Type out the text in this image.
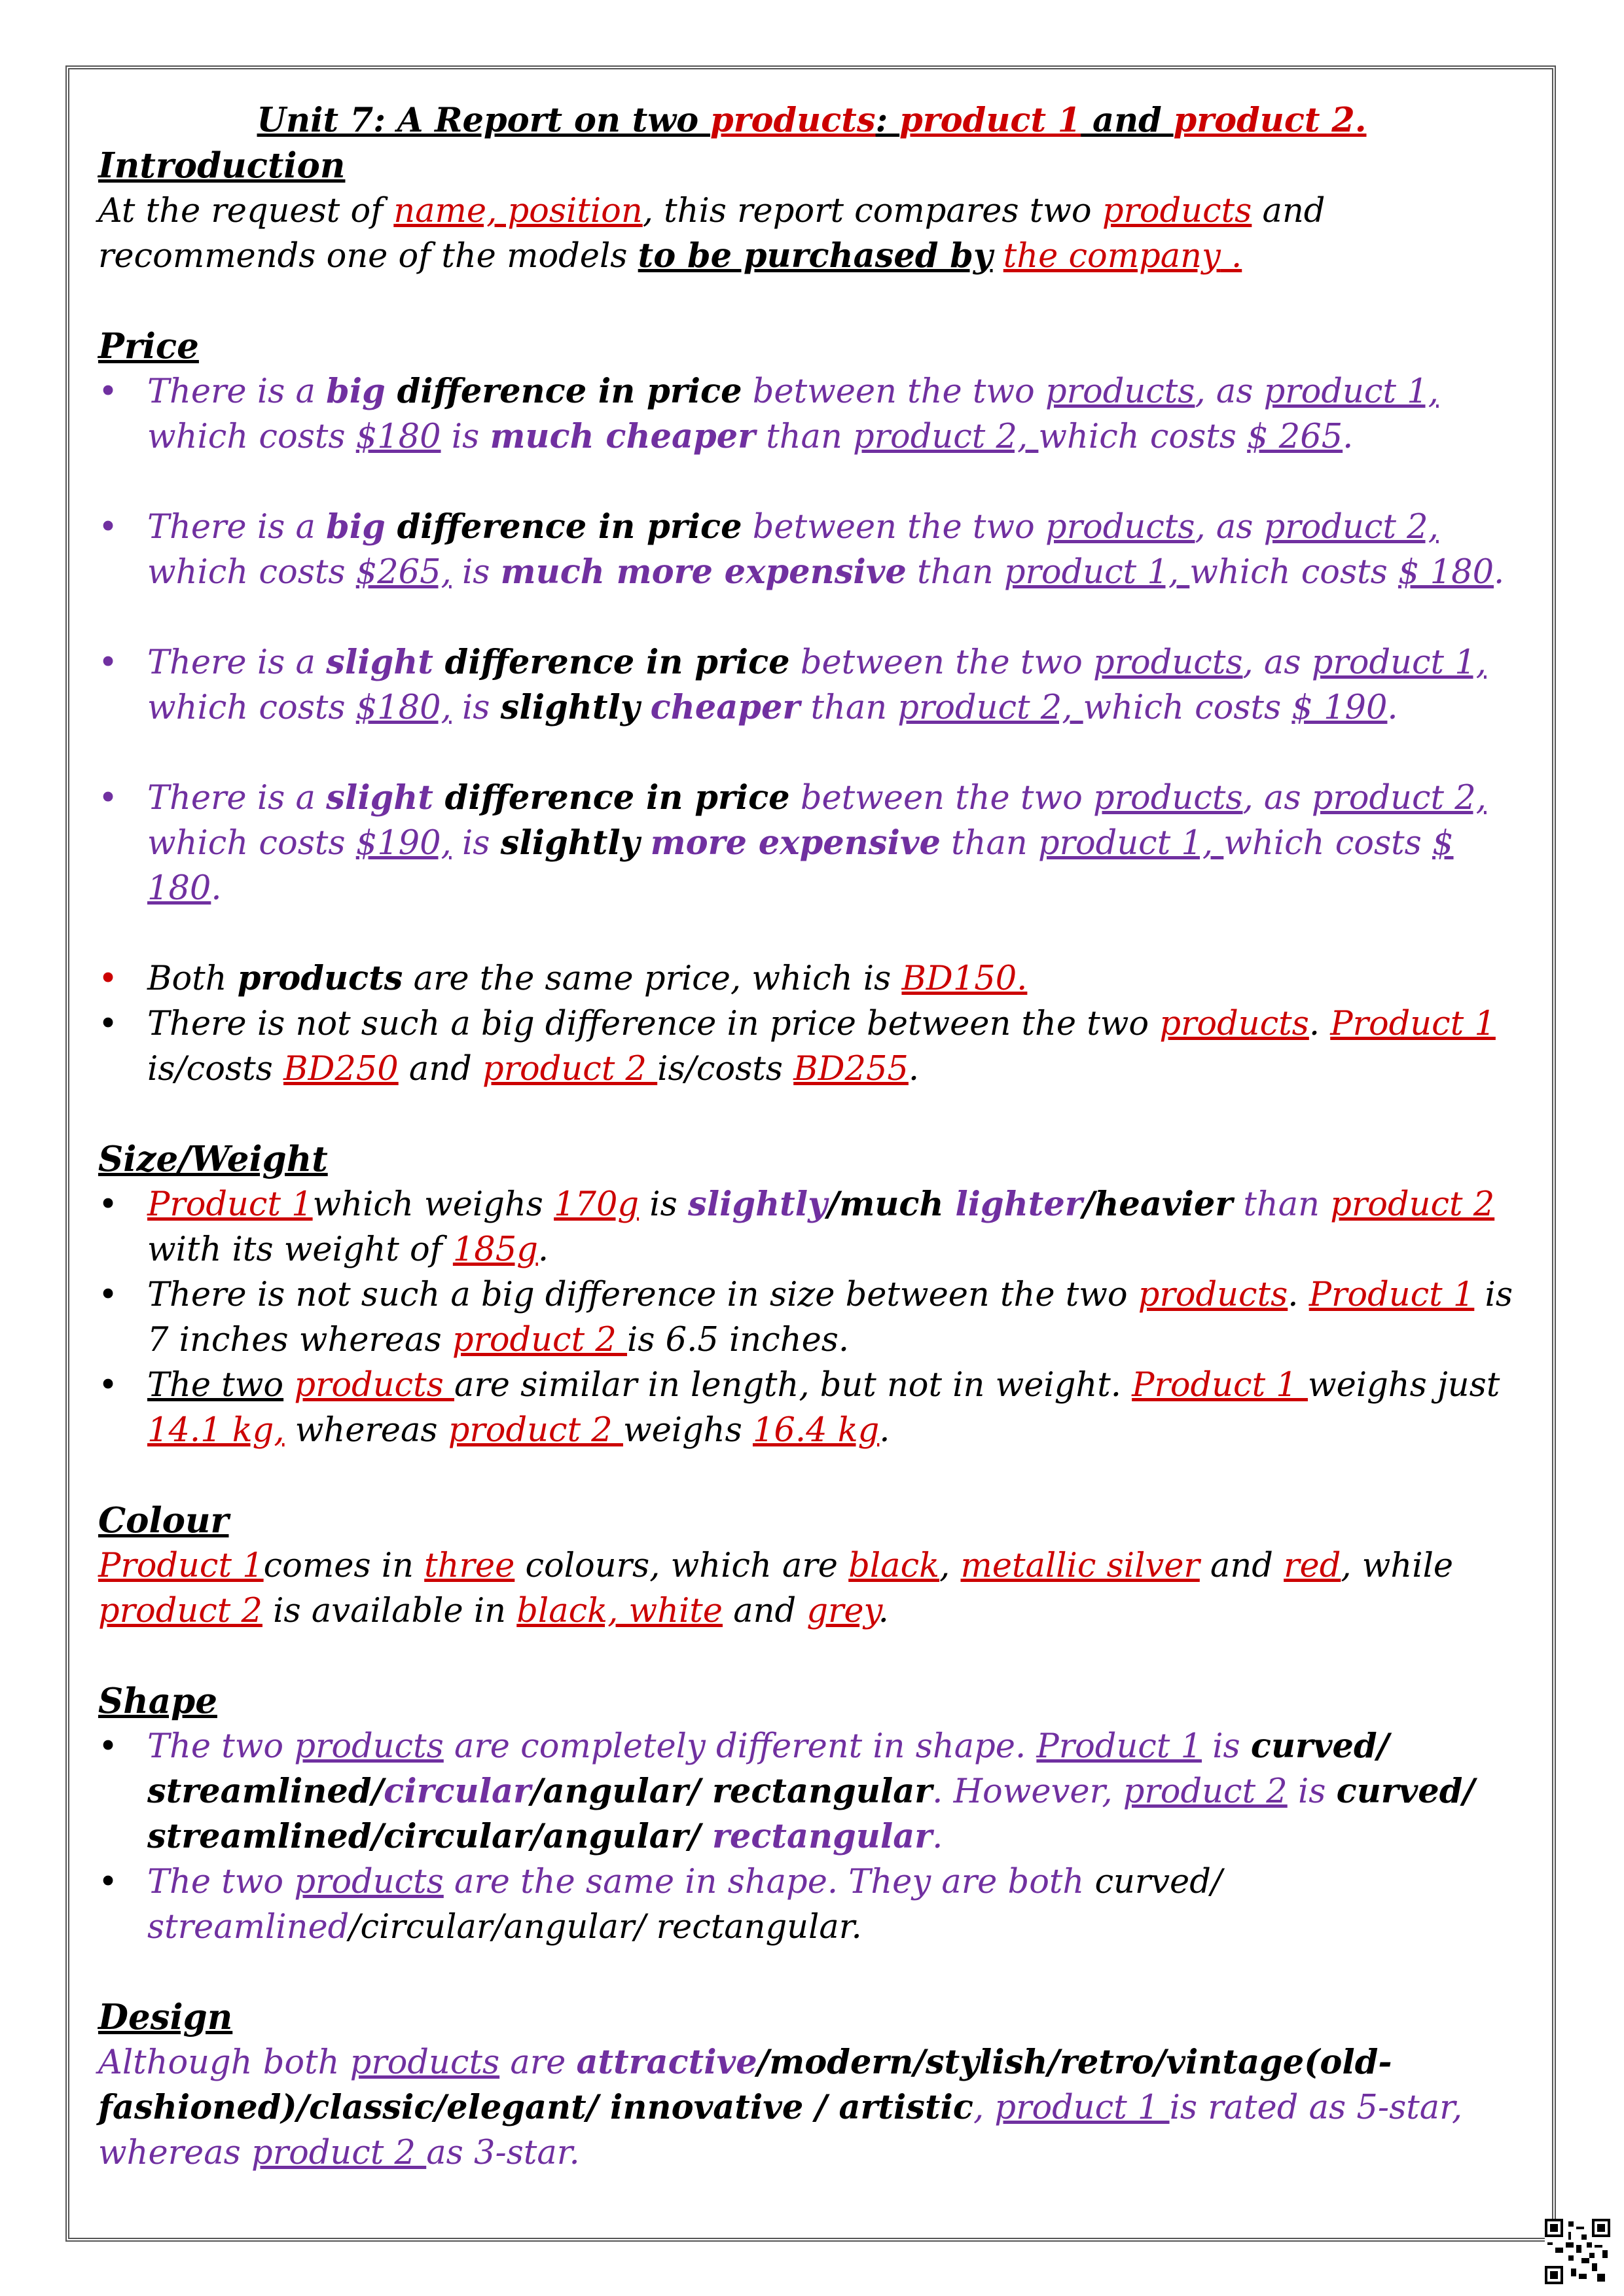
Unit 7: A Report on two products: product 1 and product 2.

Introduction

At the request of name, position, this report compares two products and recommends one of the models to be purchased by the company .

Price
• There is a big difference in price between the two products, as product 1, which costs $180 is much cheaper than product 2, which costs $ 265.
• There is a big difference in price between the two products, as product 2, which costs $265, is much more expensive than product 1, which costs $ 180.
• There is a slight difference in price between the two products, as product 1, which costs $180, is slightly cheaper than product 2, which costs $ 190.
• There is a slight difference in price between the two products, as product 2, which costs $190, is slightly more expensive than product 1, which costs $ 180.
• Both products are the same price, which is BD150.
• There is not such a big difference in price between the two products. Product 1 is/costs BD250 and product 2 is/costs BD255.
Size/Weight
• Product 1which weighs 170g is slightly/much lighter/heavier than product 2 with its weight of 185g.
• There is not such a big difference in size between the two products. Product 1 is 7 inches whereas product 2 is 6.5 inches.
• The two products are similar in length, but not in weight. Product 1 weighs just 14.1 kg, whereas product 2 weighs 16.4 kg.
Colour

Product 1comes in three colours, which are black, metallic silver and red, while product 2 is available in black, white and grey.

Shape
• The two products are completely different in shape. Product 1 is curved/ streamlined/circular/angular/ rectangular. However, product 2 is curved/ streamlined/circular/angular/ rectangular.
• The two products are the same in shape. They are both curved/ streamlined/circular/angular/ rectangular.
Design

Although both products are attractive/modern/stylish/retro/vintage(old-fashioned)/classic/elegant/ innovative / artistic, product 1 is rated as 5-star, whereas product 2 as 3-star.
